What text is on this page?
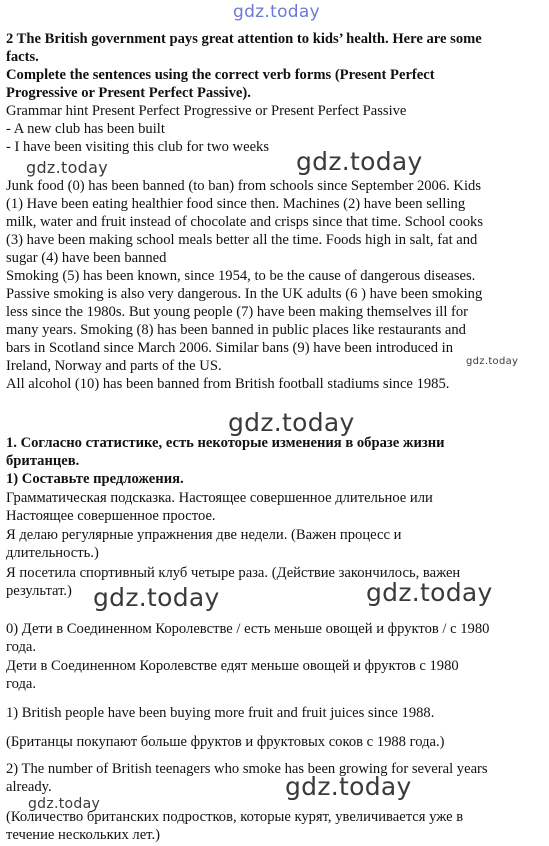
gdz.today
gdz.today	gdz.today
gdz.today
gdz.today
gdz.today	gdz.today
gdz.today
gdz.today
2 The British government pays great attention to kids’ health. Here are some
facts.
Complete the sentences using the correct verb forms (Present Perfect
Progressive or Present Perfect Passive).
Grammar hint Present Perfect Progressive or Present Perfect Passive
- A new club has been built
- I have been visiting this club for two weeks
Junk food (0) has been banned (to ban) from schools since September 2006. Kids
(1) Have been eating healthier food since then. Machines (2) have been selling
milk, water and fruit instead of chocolate and crisps since that time. School cooks
(3) have been making school meals better all the time. Foods high in salt, fat and
sugar (4) have been banned
Smoking (5) has been known, since 1954, to be the cause of dangerous diseases.
Passive smoking is also very dangerous. In the UK adults (6 ) have been smoking
less since the 1980s. But young people (7) have been making themselves ill for
many years. Smoking (8) has been banned in public places like restaurants and
bars in Scotland since March 2006. Similar bans (9) have been introduced in
Ireland, Norway and parts of the US.
All alcohol (10) has been banned from British football stadiums since 1985.
1. Согласно статистике, есть некоторые изменения в образе жизни
британцев.
1) Составьте предложения.
Грамматическая подсказка. Настоящее совершенное длительное или
Настоящее совершенное простое.
Я делаю регулярные упражнения две недели. (Важен процесс и
длительность.)
Я посетила спортивный клуб четыре раза. (Действие закончилось, важен
результат.)
0) Дети в Соединенном Королевстве / есть меньше овощей и фруктов / с 1980
года.
Дети в Соединенном Королевстве едят меньше овощей и фруктов с 1980
года.
1) British people have been buying more fruit and fruit juices since 1988.
(Британцы покупают больше фруктов и фруктовых соков с 1988 года.)
2) The number of British teenagers who smoke has been growing for several years
already.
(Количество британских подростков, которые курят, увеличивается уже в
течение нескольких лет.)
